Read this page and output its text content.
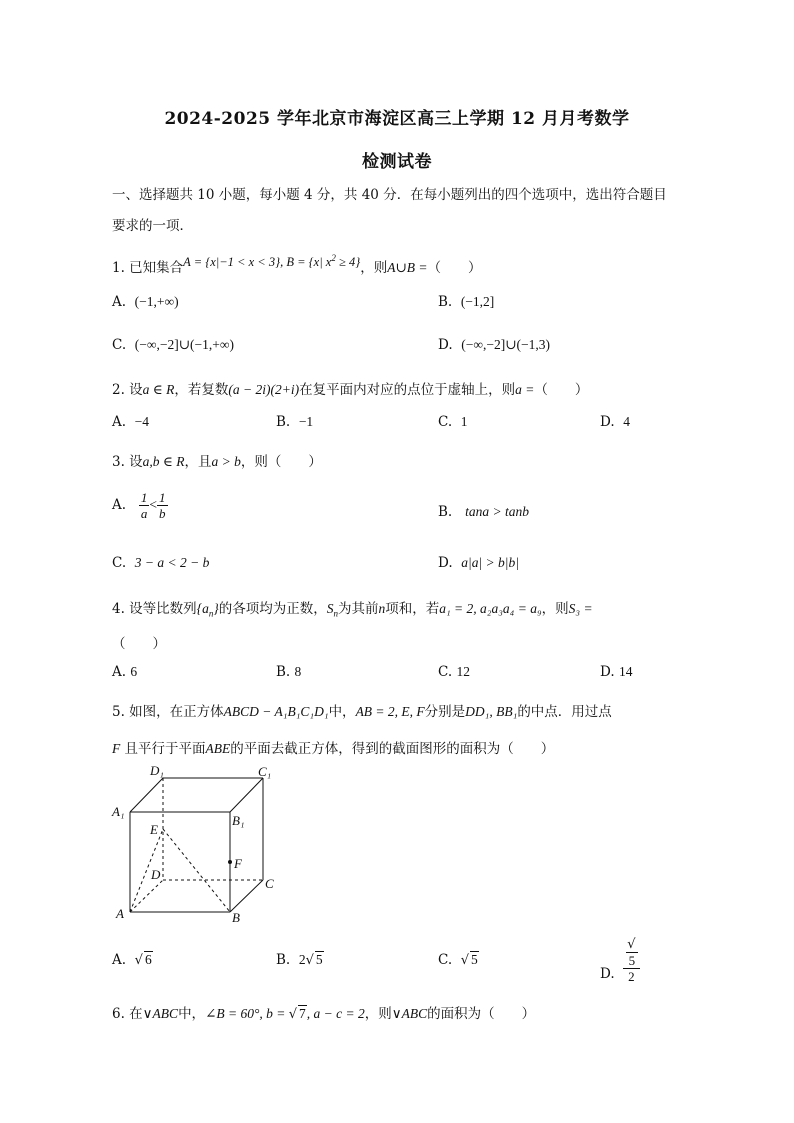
2024-2025 学年北京市海淀区高三上学期 12 月月考数学
检测试卷
一、选择题共 10 小题，每小题 4 分，共 40 分．在每小题列出的四个选项中，选出符合题目
要求的一项．
1. 已知集合A = {x|−1 < x < 3}, B = {x| $x^2 \ge 4$}，则A∪B =（　　）
A. (−1,+∞)	B. (−1,2]
C. (−∞,−2]∪(−1,+∞)	D. (−∞,−2]∪(−1,3)
2. 设a ∈ R，若复数(a − 2i)(2+i)在复平面内对应的点位于虚轴上，则a =（　　）
A. −4	B. −1	C. 1	D. 4
3. 设a,b ∈ R，且a > b，则（　　）
A. $\frac{1}{a} < \frac{1}{b}$	B. tana > tanb
C. 3 − a < 2 − b	D. a|a| > b|b|
4. 设等比数列$\{a_n\}$的各项均为正数，$S_n$为其前n项和，若a₁ = 2, a₂a₃a₄ = a₉，则S₃ =
（　　）
A. 6	B. 8	C. 12	D. 14
5. 如图，在正方体ABCD − A₁B₁C₁D₁中，AB = 2, E, F分别是DD₁, BB₁的中点．用过点
F 且平行于平面ABE的平面去截正方体，得到的截面图形的面积为（　　）
D₁	C₁
A₁
B₁
E
F
D
C
A	B
A. √ 6	B. 2√ 5	C. √ 5
D. √
5
2
6. 在∨ABC中，∠B = 60°, b = √ 7, a − c = 2，则∨ABC的面积为（　　）
